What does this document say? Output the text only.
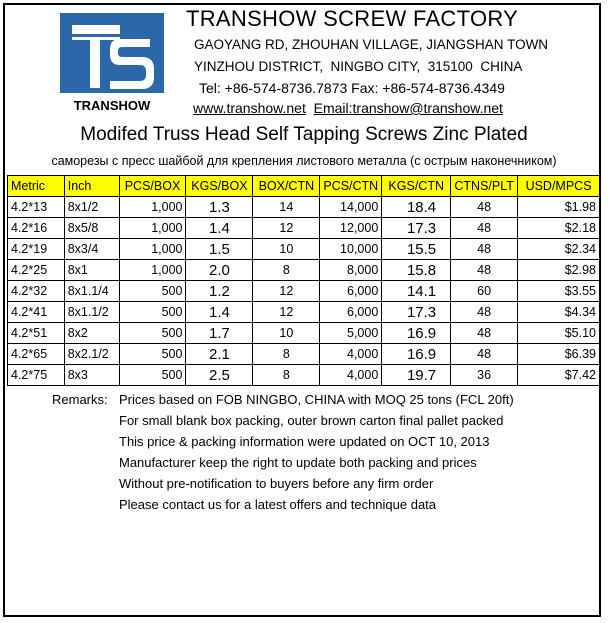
TRANSHOW
TRANSHOW SCREW FACTORY
GAOYANG RD, ZHOUHAN VILLAGE, JIANGSHAN TOWN
YINZHOU DISTRICT,  NINGBO CITY,  315100  CHINA
Tel: +86-574-8736.7873 Fax: +86-574-8736.4349
www.transhow.net Email:transhow@transhow.net
Modifed Truss Head Self Tapping Screws Zinc Plated
саморезы с пресс шайбой для крепления листового металла (с острым наконечником)
Metric	Inch	PCS/BOX	KGS/BOX	BOX/CTN	PCS/CTN	KGS/CTN	CTNS/PLT	USD/MPCS
4.2*13	8x1/2	1,000	1.3	14	14,000	18.4	48	$1.98
4.2*16	8x5/8	1,000	1.4	12	12,000	17.3	48	$2.18
4.2*19	8x3/4	1,000	1.5	10	10,000	15.5	48	$2.34
4.2*25	8x1	1,000	2.0	8	8,000	15.8	48	$2.98
4.2*32	8x1.1/4	500	1.2	12	6,000	14.1	60	$3.55
4.2*41	8x1.1/2	500	1.4	12	6,000	17.3	48	$4.34
4.2*51	8x2	500	1.7	10	5,000	16.9	48	$5.10
4.2*65	8x2.1/2	500	2.1	8	4,000	16.9	48	$6.39
4.2*75	8x3	500	2.5	8	4,000	19.7	36	$7.42
Remarks: Prices based on FOB NINGBO, CHINA with MOQ 25 tons (FCL 20ft)
For small blank box packing, outer brown carton final pallet packed
This price & packing information were updated on OCT 10, 2013
Manufacturer keep the right to update both packing and prices
Without pre-notification to buyers before any firm order
Please contact us for a latest offers and technique data
